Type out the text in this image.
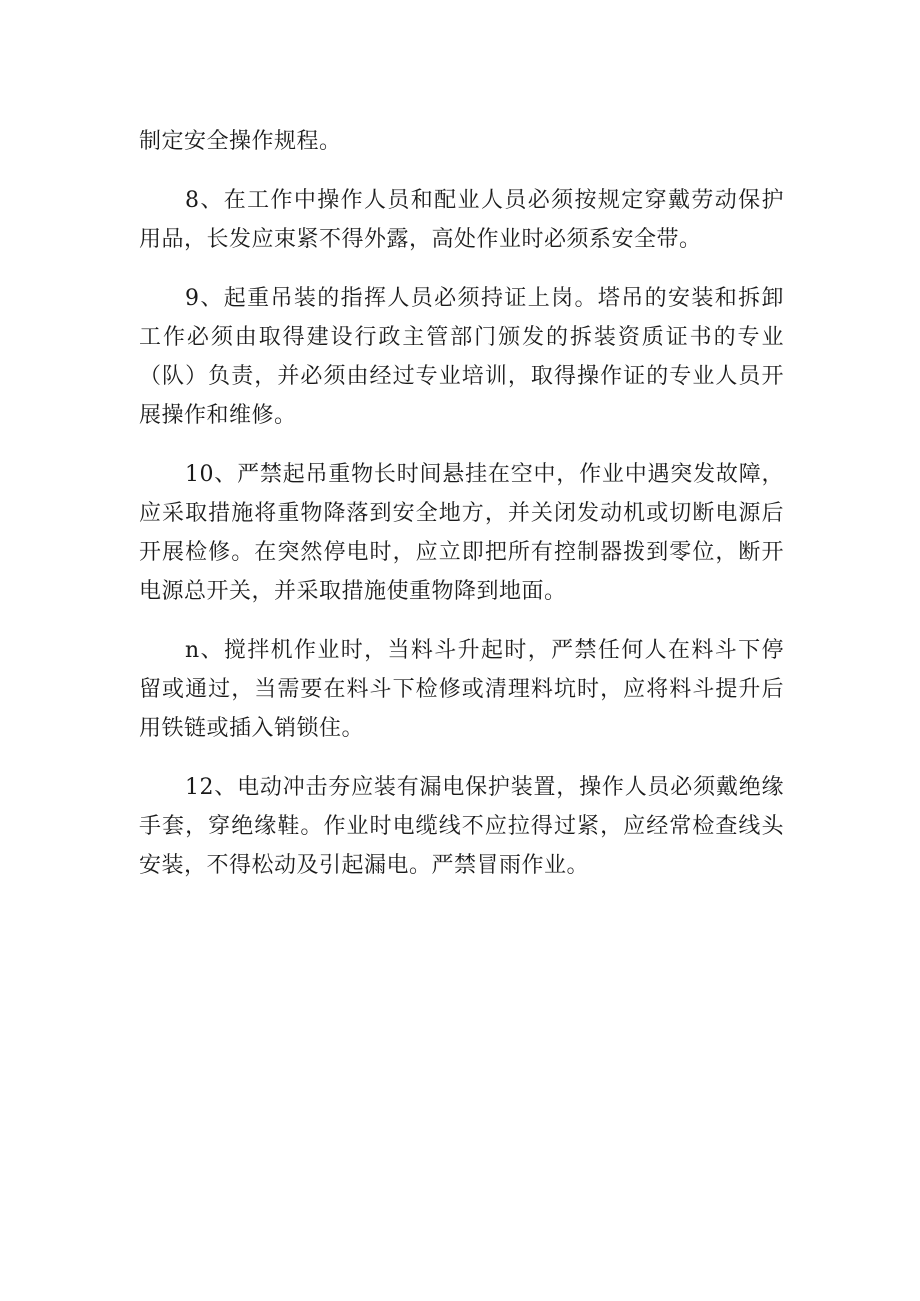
制定安全操作规程。
8、在工作中操作人员和配业人员必须按规定穿戴劳动保护
用品，长发应束紧不得外露，高处作业时必须系安全带。
9、起重吊装的指挥人员必须持证上岗。塔吊的安装和拆卸
工作必须由取得建设行政主管部门颁发的拆装资质证书的专业
（队）负责，并必须由经过专业培训，取得操作证的专业人员开
展操作和维修。
10、严禁起吊重物长时间悬挂在空中，作业中遇突发故障，
应采取措施将重物降落到安全地方，并关闭发动机或切断电源后
开展检修。在突然停电时，应立即把所有控制器拨到零位，断开
电源总开关，并采取措施使重物降到地面。
n、搅拌机作业时，当料斗升起时，严禁任何人在料斗下停
留或通过，当需要在料斗下检修或清理料坑时，应将料斗提升后
用铁链或插入销锁住。
12、电动冲击夯应装有漏电保护装置，操作人员必须戴绝缘
手套，穿绝缘鞋。作业时电缆线不应拉得过紧，应经常检查线头
安装，不得松动及引起漏电。严禁冒雨作业。
